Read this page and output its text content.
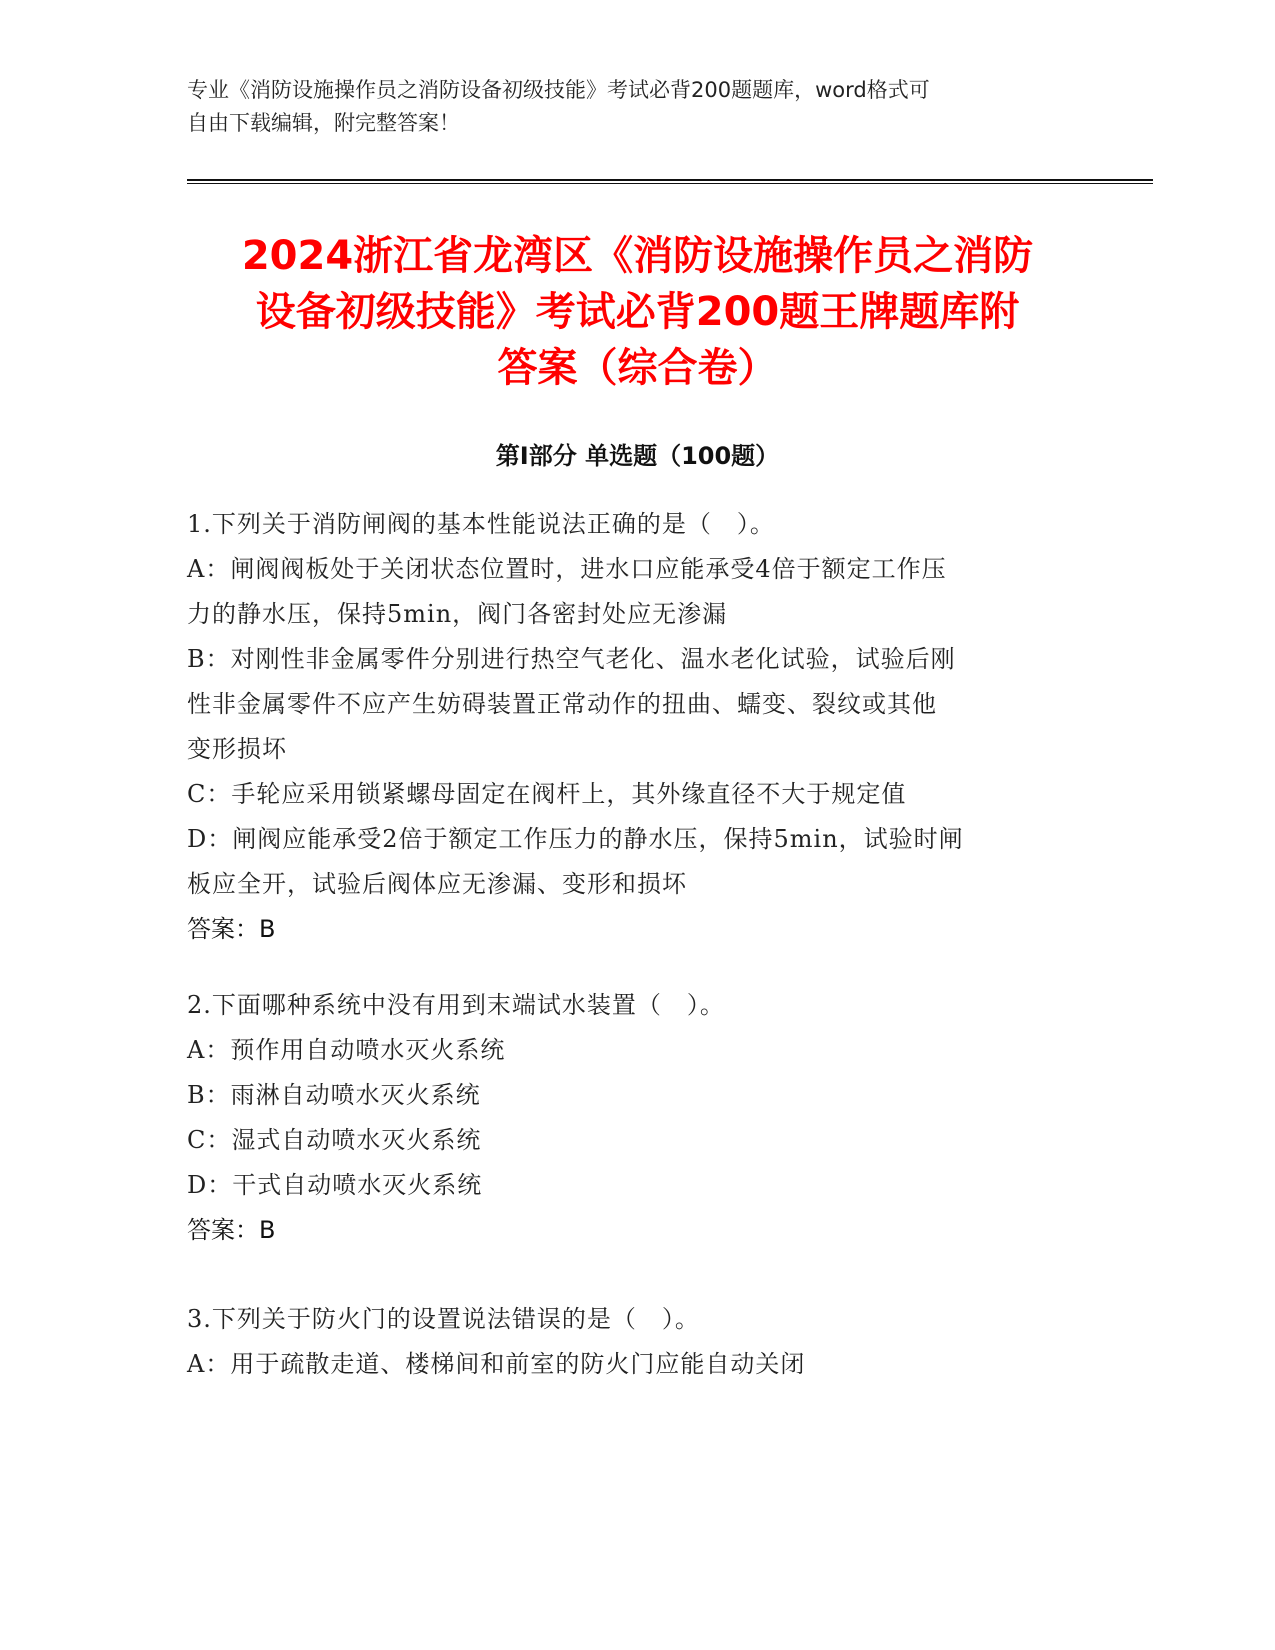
专业《消防设施操作员之消防设备初级技能》考试必背200题题库，word格式可
自由下载编辑，附完整答案！
2024浙江省龙湾区《消防设施操作员之消防
设备初级技能》考试必背200题王牌题库附
答案（综合卷）
第Ⅰ部分 单选题（100题）

1.下列关于消防闸阀的基本性能说法正确的是（　）。

A：闸阀阀板处于关闭状态位置时，进水口应能承受4倍于额定工作压

力的静水压，保持5min，阀门各密封处应无渗漏

B：对刚性非金属零件分别进行热空气老化、温水老化试验，试验后刚

性非金属零件不应产生妨碍装置正常动作的扭曲、蠕变、裂纹或其他

变形损坏

C：手轮应采用锁紧螺母固定在阀杆上，其外缘直径不大于规定值

D：闸阀应能承受2倍于额定工作压力的静水压，保持5min，试验时闸

板应全开，试验后阀体应无渗漏、变形和损坏

答案：B

2.下面哪种系统中没有用到末端试水装置（　）。

A：预作用自动喷水灭火系统

B：雨淋自动喷水灭火系统

C：湿式自动喷水灭火系统

D：干式自动喷水灭火系统

答案：B

3.下列关于防火门的设置说法错误的是（　）。

A：用于疏散走道、楼梯间和前室的防火门应能自动关闭
